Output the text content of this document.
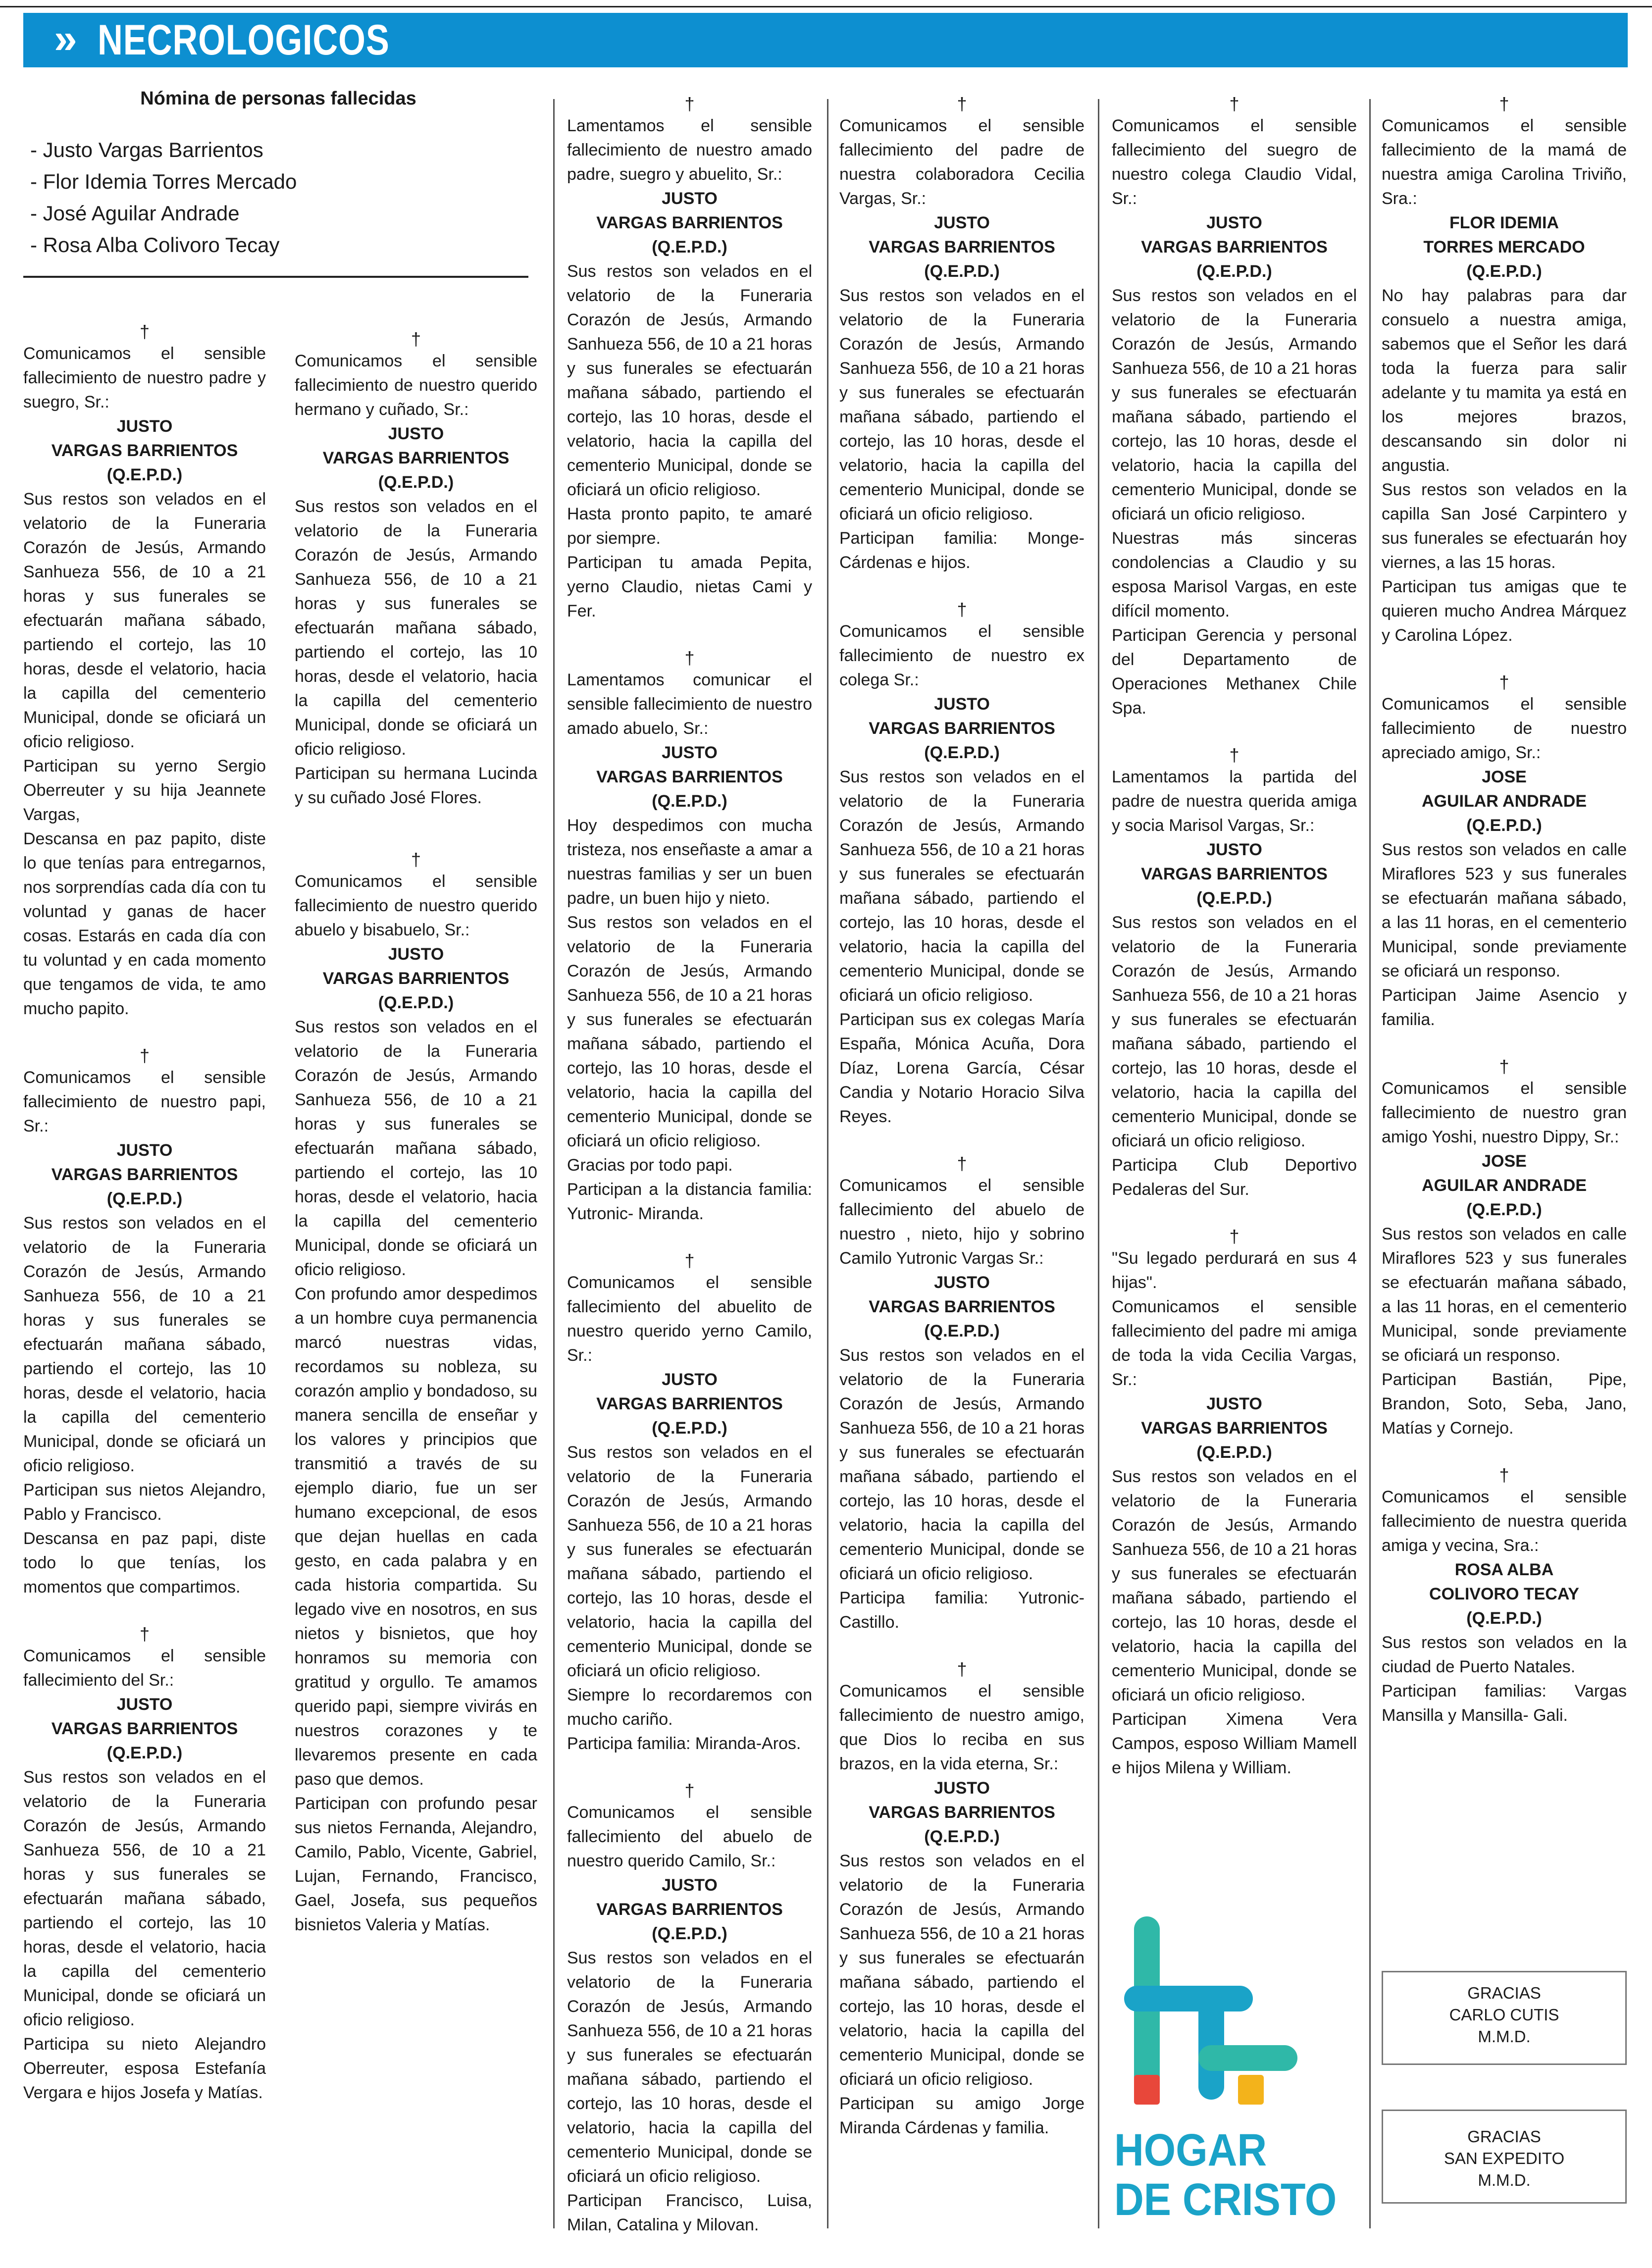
» NECROLOGICOS
Nómina de personas fallecidas
- Justo Vargas Barrientos
- Flor Idemia Torres Mercado
- José Aguilar Andrade
- Rosa Alba Colivoro Tecay

†

Comunicamos el sensible fallecimiento de nuestro padre y suegro, Sr.:

JUSTO

VARGAS BARRIENTOS

(Q.E.P.D.)

Sus restos son velados en el velatorio de la Funeraria Corazón de Jesús, Armando Sanhueza 556, de 10 a 21 horas y sus funerales se efectuarán mañana sábado, partiendo el cortejo, las 10 horas, desde el velatorio, hacia la capilla del cementerio Municipal, donde se oficiará un oficio religioso.

Participan su yerno Sergio Oberreuter y su hija Jeannete Vargas,

Descansa en paz papito, diste lo que tenías para entregarnos, nos sorprendías cada día con tu voluntad y ganas de hacer cosas. Estarás en cada día con tu voluntad y en cada momento que tengamos de vida, te amo mucho papito.

†

Comunicamos el sensible fallecimiento de nuestro papi, Sr.:

JUSTO

VARGAS BARRIENTOS

(Q.E.P.D.)

Sus restos son velados en el velatorio de la Funeraria Corazón de Jesús, Armando Sanhueza 556, de 10 a 21 horas y sus funerales se efectuarán mañana sábado, partiendo el cortejo, las 10 horas, desde el velatorio, hacia la capilla del cementerio Municipal, donde se oficiará un oficio religioso.

Participan sus nietos Alejandro, Pablo y Francisco.

Descansa en paz papi, diste todo lo que tenías, los momentos que compartimos.

†

Comunicamos el sensible fallecimiento del Sr.:

JUSTO

VARGAS BARRIENTOS

(Q.E.P.D.)

Sus restos son velados en el velatorio de la Funeraria Corazón de Jesús, Armando Sanhueza 556, de 10 a 21 horas y sus funerales se efectuarán mañana sábado, partiendo el cortejo, las 10 horas, desde el velatorio, hacia la capilla del cementerio Municipal, donde se oficiará un oficio religioso.

Participa su nieto Alejandro Oberreuter, esposa Estefanía Vergara e hijos Josefa y Matías.

†

Comunicamos el sensible fallecimiento de nuestro querido hermano y cuñado, Sr.:

JUSTO

VARGAS BARRIENTOS

(Q.E.P.D.)

Sus restos son velados en el velatorio de la Funeraria Corazón de Jesús, Armando Sanhueza 556, de 10 a 21 horas y sus funerales se efectuarán mañana sábado, partiendo el cortejo, las 10 horas, desde el velatorio, hacia la capilla del cementerio Municipal, donde se oficiará un oficio religioso.

Participan su hermana Lucinda y su cuñado José Flores.

†

Comunicamos el sensible fallecimiento de nuestro querido abuelo y bisabuelo, Sr.:

JUSTO

VARGAS BARRIENTOS

(Q.E.P.D.)

Sus restos son velados en el velatorio de la Funeraria Corazón de Jesús, Armando Sanhueza 556, de 10 a 21 horas y sus funerales se efectuarán mañana sábado, partiendo el cortejo, las 10 horas, desde el velatorio, hacia la capilla del cementerio Municipal, donde se oficiará un oficio religioso.

Con profundo amor despedimos a un hombre cuya permanencia marcó nuestras vidas, recordamos su nobleza, su corazón amplio y bondadoso, su manera sencilla de enseñar y los valores y principios que transmitió a través de su ejemplo diario, fue un ser humano excepcional, de esos que dejan huellas en cada gesto, en cada palabra y en cada historia compartida. Su legado vive en nosotros, en sus nietos y bisnietos, que hoy honramos su memoria con gratitud y orgullo. Te amamos querido papi, siempre vivirás en nuestros corazones y te llevaremos presente en cada paso que demos.

Participan con profundo pesar sus nietos Fernanda, Alejandro, Camilo, Pablo, Vicente, Gabriel, Lujan, Fernando, Francisco, Gael, Josefa, sus pequeños bisnietos Valeria y Matías.

†

Lamentamos el sensible fallecimiento de nuestro amado padre, suegro y abuelito, Sr.:

JUSTO

VARGAS BARRIENTOS

(Q.E.P.D.)

Sus restos son velados en el velatorio de la Funeraria Corazón de Jesús, Armando Sanhueza 556, de 10 a 21 horas y sus funerales se efectuarán mañana sábado, partiendo el cortejo, las 10 horas, desde el velatorio, hacia la capilla del cementerio Municipal, donde se oficiará un oficio religioso.

Hasta pronto papito, te amaré por siempre.

Participan tu amada Pepita, yerno Claudio, nietas Cami y Fer.

†

Lamentamos comunicar el sensible fallecimiento de nuestro amado abuelo, Sr.:

JUSTO

VARGAS BARRIENTOS

(Q.E.P.D.)

Hoy despedimos con mucha tristeza, nos enseñaste a amar a nuestras familias y ser un buen padre, un buen hijo y nieto.

Sus restos son velados en el velatorio de la Funeraria Corazón de Jesús, Armando Sanhueza 556, de 10 a 21 horas y sus funerales se efectuarán mañana sábado, partiendo el cortejo, las 10 horas, desde el velatorio, hacia la capilla del cementerio Municipal, donde se oficiará un oficio religioso.

Gracias por todo papi.

Participan a la distancia familia: Yutronic- Miranda.

†

Comunicamos el sensible fallecimiento del abuelito de nuestro querido yerno Camilo, Sr.:

JUSTO

VARGAS BARRIENTOS

(Q.E.P.D.)

Sus restos son velados en el velatorio de la Funeraria Corazón de Jesús, Armando Sanhueza 556, de 10 a 21 horas y sus funerales se efectuarán mañana sábado, partiendo el cortejo, las 10 horas, desde el velatorio, hacia la capilla del cementerio Municipal, donde se oficiará un oficio religioso.

Siempre lo recordaremos con mucho cariño.

Participa familia: Miranda-Aros.

†

Comunicamos el sensible fallecimiento del abuelo de nuestro querido Camilo, Sr.:

JUSTO

VARGAS BARRIENTOS

(Q.E.P.D.)

Sus restos son velados en el velatorio de la Funeraria Corazón de Jesús, Armando Sanhueza 556, de 10 a 21 horas y sus funerales se efectuarán mañana sábado, partiendo el cortejo, las 10 horas, desde el velatorio, hacia la capilla del cementerio Municipal, donde se oficiará un oficio religioso.

Participan Francisco, Luisa, Milan, Catalina y Milovan.

†

Comunicamos el sensible fallecimiento del padre de nuestra colaboradora Cecilia Vargas, Sr.:

JUSTO

VARGAS BARRIENTOS

(Q.E.P.D.)

Sus restos son velados en el velatorio de la Funeraria Corazón de Jesús, Armando Sanhueza 556, de 10 a 21 horas y sus funerales se efectuarán mañana sábado, partiendo el cortejo, las 10 horas, desde el velatorio, hacia la capilla del cementerio Municipal, donde se oficiará un oficio religioso.

Participan familia: Monge-Cárdenas e hijos.

†

Comunicamos el sensible fallecimiento de nuestro ex colega Sr.:

JUSTO

VARGAS BARRIENTOS

(Q.E.P.D.)

Sus restos son velados en el velatorio de la Funeraria Corazón de Jesús, Armando Sanhueza 556, de 10 a 21 horas y sus funerales se efectuarán mañana sábado, partiendo el cortejo, las 10 horas, desde el velatorio, hacia la capilla del cementerio Municipal, donde se oficiará un oficio religioso.

Participan sus ex colegas María España, Mónica Acuña, Dora Díaz, Lorena García, César Candia y Notario Horacio Silva Reyes.

†

Comunicamos el sensible fallecimiento del abuelo de nuestro , nieto, hijo y sobrino Camilo Yutronic Vargas Sr.:

JUSTO

VARGAS BARRIENTOS

(Q.E.P.D.)

Sus restos son velados en el velatorio de la Funeraria Corazón de Jesús, Armando Sanhueza 556, de 10 a 21 horas y sus funerales se efectuarán mañana sábado, partiendo el cortejo, las 10 horas, desde el velatorio, hacia la capilla del cementerio Municipal, donde se oficiará un oficio religioso.

Participa familia: Yutronic-Castillo.

†

Comunicamos el sensible fallecimiento de nuestro amigo, que Dios lo reciba en sus brazos, en la vida eterna, Sr.:

JUSTO

VARGAS BARRIENTOS

(Q.E.P.D.)

Sus restos son velados en el velatorio de la Funeraria Corazón de Jesús, Armando Sanhueza 556, de 10 a 21 horas y sus funerales se efectuarán mañana sábado, partiendo el cortejo, las 10 horas, desde el velatorio, hacia la capilla del cementerio Municipal, donde se oficiará un oficio religioso.

Participan su amigo Jorge Miranda Cárdenas y familia.

†

Comunicamos el sensible fallecimiento del suegro de nuestro colega Claudio Vidal, Sr.:

JUSTO

VARGAS BARRIENTOS

(Q.E.P.D.)

Sus restos son velados en el velatorio de la Funeraria Corazón de Jesús, Armando Sanhueza 556, de 10 a 21 horas y sus funerales se efectuarán mañana sábado, partiendo el cortejo, las 10 horas, desde el velatorio, hacia la capilla del cementerio Municipal, donde se oficiará un oficio religioso.

Nuestras más sinceras condolencias a Claudio y su esposa Marisol Vargas, en este difícil momento.

Participan Gerencia y personal del Departamento de Operaciones Methanex Chile Spa.

†

Lamentamos la partida del padre de nuestra querida amiga y socia Marisol Vargas, Sr.:

JUSTO

VARGAS BARRIENTOS

(Q.E.P.D.)

Sus restos son velados en el velatorio de la Funeraria Corazón de Jesús, Armando Sanhueza 556, de 10 a 21 horas y sus funerales se efectuarán mañana sábado, partiendo el cortejo, las 10 horas, desde el velatorio, hacia la capilla del cementerio Municipal, donde se oficiará un oficio religioso.

Participa Club Deportivo Pedaleras del Sur.

†

"Su legado perdurará en sus 4 hijas".

Comunicamos el sensible fallecimiento del padre mi amiga de toda la vida Cecilia Vargas, Sr.:

JUSTO

VARGAS BARRIENTOS

(Q.E.P.D.)

Sus restos son velados en el velatorio de la Funeraria Corazón de Jesús, Armando Sanhueza 556, de 10 a 21 horas y sus funerales se efectuarán mañana sábado, partiendo el cortejo, las 10 horas, desde el velatorio, hacia la capilla del cementerio Municipal, donde se oficiará un oficio religioso.

Participan Ximena Vera Campos, esposo William Mamell e hijos Milena y William.

HOGAR
DE CRISTO

†

Comunicamos el sensible fallecimiento de la mamá de nuestra amiga Carolina Triviño, Sra.:

FLOR IDEMIA

TORRES MERCADO

(Q.E.P.D.)

No hay palabras para dar consuelo a nuestra amiga, sabemos que el Señor les dará toda la fuerza para salir adelante y tu mamita ya está en los mejores brazos, descansando sin dolor ni angustia.

Sus restos son velados en la capilla San José Carpintero y sus funerales se efectuarán hoy viernes, a las 15 horas.

Participan tus amigas que te quieren mucho Andrea Márquez y Carolina López.

†

Comunicamos el sensible fallecimiento de nuestro apreciado amigo, Sr.:

JOSE

AGUILAR ANDRADE

(Q.E.P.D.)

Sus restos son velados en calle Miraflores 523 y sus funerales se efectuarán mañana sábado, a las 11 horas, en el cementerio Municipal, sonde previamente se oficiará un responso.

Participan Jaime Asencio y familia.

†

Comunicamos el sensible fallecimiento de nuestro gran amigo Yoshi, nuestro Dippy, Sr.:

JOSE

AGUILAR ANDRADE

(Q.E.P.D.)

Sus restos son velados en calle Miraflores 523 y sus funerales se efectuarán mañana sábado, a las 11 horas, en el cementerio Municipal, sonde previamente se oficiará un responso.

Participan Bastián, Pipe, Brandon, Soto, Seba, Jano, Matías y Cornejo.

†

Comunicamos el sensible fallecimiento de nuestra querida amiga y vecina, Sra.:

ROSA ALBA

COLIVORO TECAY

(Q.E.P.D.)

Sus restos son velados en la ciudad de Puerto Natales.

Participan familias: Vargas Mansilla y Mansilla- Gali.

GRACIAS
CARLO CUTIS
M.M.D.
GRACIAS
SAN EXPEDITO
M.M.D.
